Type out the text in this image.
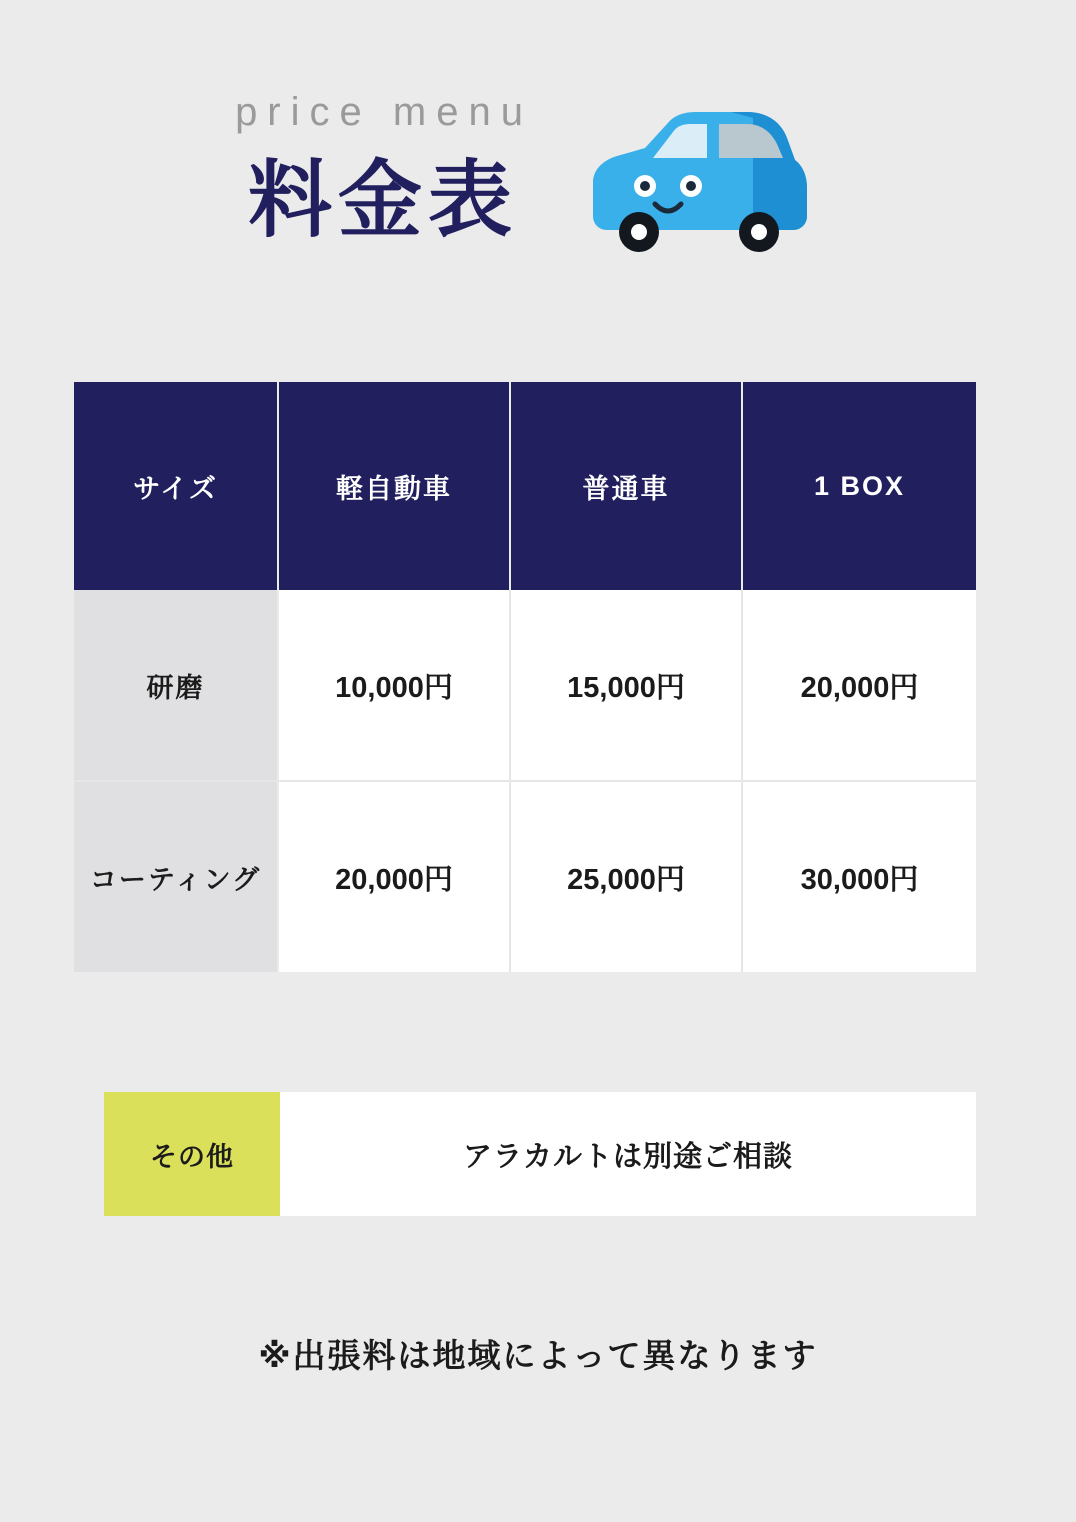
price menu
料金表
サイズ	軽自動車	普通車	1 BOX
研磨	10,000円	15,000円	20,000円
コーティング	20,000円	25,000円	30,000円
その他	アラカルトは別途ご相談
※出張料は地域によって異なります
